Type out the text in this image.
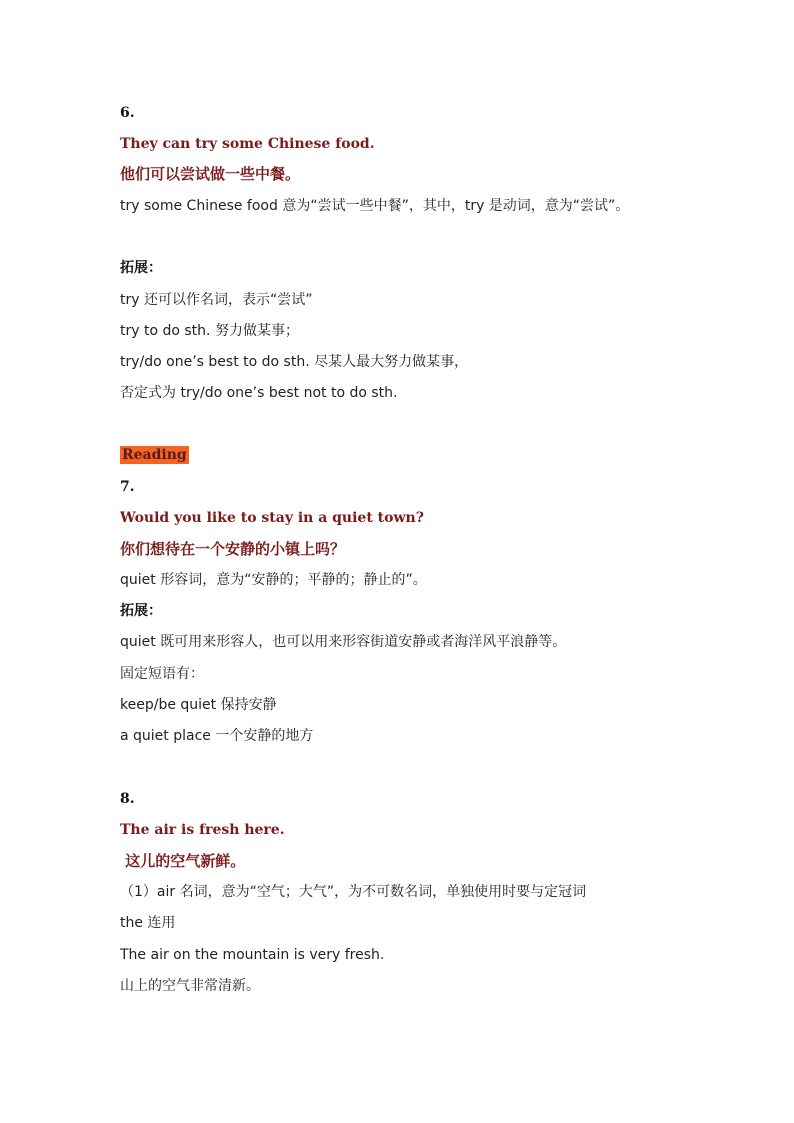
6.
They can try some Chinese food.
他们可以尝试做一些中餐。
try some Chinese food 意为“尝试一些中餐”，其中，try 是动词，意为“尝试”。
拓展：
try 还可以作名词，表示“尝试”
try to do sth. 努力做某事；
try/do one’s best to do sth. 尽某人最大努力做某事，
否定式为 try/do one’s best not to do sth.
Reading
7.
Would you like to stay in a quiet town?
你们想待在一个安静的小镇上吗？
quiet 形容词，意为“安静的；平静的；静止的”。
拓展：
quiet 既可用来形容人，也可以用来形容街道安静或者海洋风平浪静等。
固定短语有：
keep/be quiet 保持安静
a quiet place 一个安静的地方
8.
The air is fresh here.
这儿的空气新鲜。
（1）air 名词，意为“空气；大气”，为不可数名词，单独使用时要与定冠词
the 连用
The air on the mountain is very fresh.
山上的空气非常清新。
